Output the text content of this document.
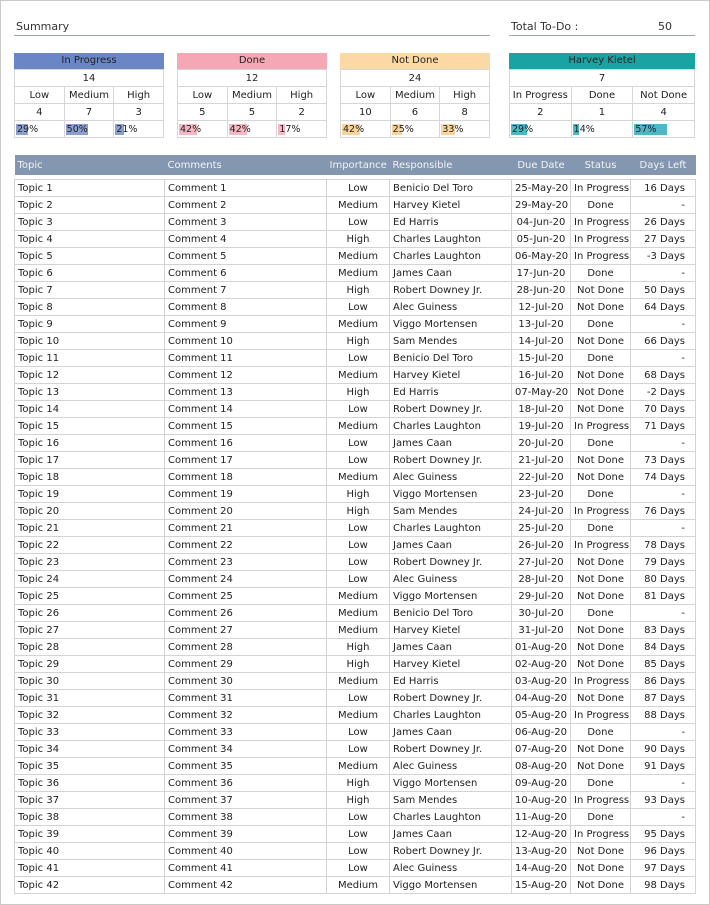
Summary	Total To-Do :	50
In Progress
14		
Low	Medium	High
4	7	3

29%	50%	21%
Done
12		
Low	Medium	High
5	5	2

42%	42%	17%
Not Done
24		
Low	Medium	High
10	6	8

42%	25%	33%
Harvey Kietel
7		
In Progress	Done	Not Done
2	1	4

29%	14%	57%
Topic	Comments	Importance	Responsible	Due Date	Status	Days Left

Topic 1	Comment 1	Low	Benicio Del Toro	25-May-20	In Progress	16 Days
Topic 2	Comment 2	Medium	Harvey Kietel	29-May-20	Done	-
Topic 3	Comment 3	Low	Ed Harris	04-Jun-20	In Progress	26 Days
Topic 4	Comment 4	High	Charles Laughton	05-Jun-20	In Progress	27 Days
Topic 5	Comment 5	Medium	Charles Laughton	06-May-20	In Progress	-3 Days
Topic 6	Comment 6	Medium	James Caan	17-Jun-20	Done	-
Topic 7	Comment 7	High	Robert Downey Jr.	28-Jun-20	Not Done	50 Days
Topic 8	Comment 8	Low	Alec Guiness	12-Jul-20	Not Done	64 Days
Topic 9	Comment 9	Medium	Viggo Mortensen	13-Jul-20	Done	-
Topic 10	Comment 10	High	Sam Mendes	14-Jul-20	Not Done	66 Days
Topic 11	Comment 11	Low	Benicio Del Toro	15-Jul-20	Done	-
Topic 12	Comment 12	Medium	Harvey Kietel	16-Jul-20	Not Done	68 Days
Topic 13	Comment 13	High	Ed Harris	07-May-20	Not Done	-2 Days
Topic 14	Comment 14	Low	Robert Downey Jr.	18-Jul-20	Not Done	70 Days
Topic 15	Comment 15	Medium	Charles Laughton	19-Jul-20	In Progress	71 Days
Topic 16	Comment 16	Low	James Caan	20-Jul-20	Done	-
Topic 17	Comment 17	Low	Robert Downey Jr.	21-Jul-20	Not Done	73 Days
Topic 18	Comment 18	Medium	Alec Guiness	22-Jul-20	Not Done	74 Days
Topic 19	Comment 19	High	Viggo Mortensen	23-Jul-20	Done	-
Topic 20	Comment 20	High	Sam Mendes	24-Jul-20	In Progress	76 Days
Topic 21	Comment 21	Low	Charles Laughton	25-Jul-20	Done	-
Topic 22	Comment 22	Low	James Caan	26-Jul-20	In Progress	78 Days
Topic 23	Comment 23	Low	Robert Downey Jr.	27-Jul-20	Not Done	79 Days
Topic 24	Comment 24	Low	Alec Guiness	28-Jul-20	Not Done	80 Days
Topic 25	Comment 25	Medium	Viggo Mortensen	29-Jul-20	Not Done	81 Days
Topic 26	Comment 26	Medium	Benicio Del Toro	30-Jul-20	Done	-
Topic 27	Comment 27	Medium	Harvey Kietel	31-Jul-20	Not Done	83 Days
Topic 28	Comment 28	High	James Caan	01-Aug-20	Not Done	84 Days
Topic 29	Comment 29	High	Harvey Kietel	02-Aug-20	Not Done	85 Days
Topic 30	Comment 30	Medium	Ed Harris	03-Aug-20	In Progress	86 Days
Topic 31	Comment 31	Low	Robert Downey Jr.	04-Aug-20	Not Done	87 Days
Topic 32	Comment 32	Medium	Charles Laughton	05-Aug-20	In Progress	88 Days
Topic 33	Comment 33	Low	James Caan	06-Aug-20	Done	-
Topic 34	Comment 34	Low	Robert Downey Jr.	07-Aug-20	Not Done	90 Days
Topic 35	Comment 35	Medium	Alec Guiness	08-Aug-20	Not Done	91 Days
Topic 36	Comment 36	High	Viggo Mortensen	09-Aug-20	Done	-
Topic 37	Comment 37	High	Sam Mendes	10-Aug-20	In Progress	93 Days
Topic 38	Comment 38	Low	Charles Laughton	11-Aug-20	Done	-
Topic 39	Comment 39	Low	James Caan	12-Aug-20	In Progress	95 Days
Topic 40	Comment 40	Low	Robert Downey Jr.	13-Aug-20	Not Done	96 Days
Topic 41	Comment 41	Low	Alec Guiness	14-Aug-20	Not Done	97 Days
Topic 42	Comment 42	Medium	Viggo Mortensen	15-Aug-20	Not Done	98 Days
